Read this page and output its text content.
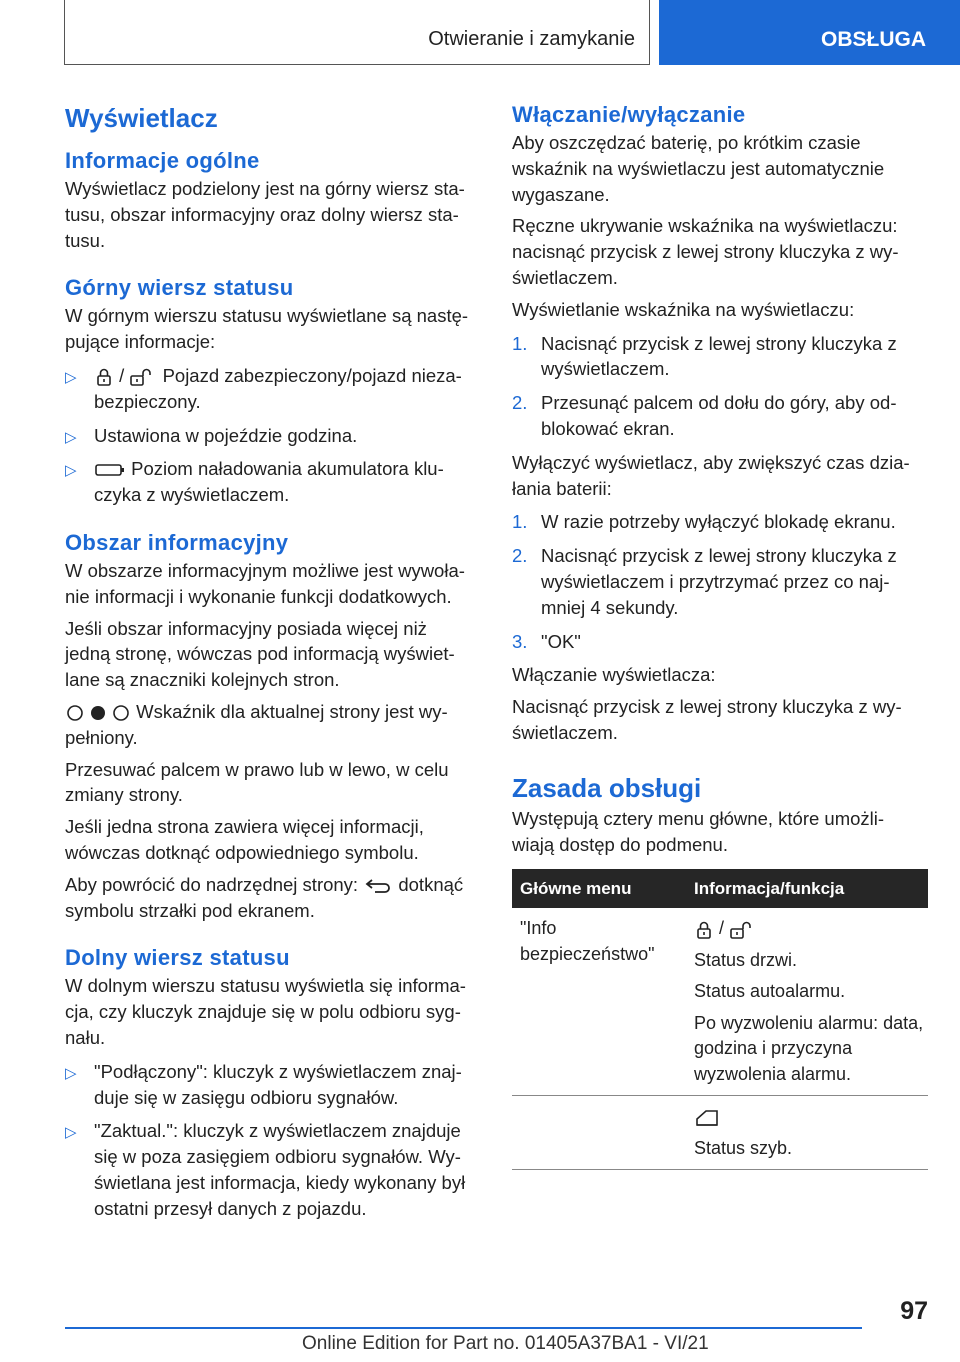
Otwieranie i zamykanie	OBSŁUGA
Wyświetlacz
Informacje ogólne

Wyświetlacz podzielony jest na górny wiersz sta- tusu, obszar informacyjny oraz dolny wiersz sta- tusu.

Górny wiersz statusu

W górnym wierszu statusu wyświetlane są nastę- pujące informacje:

▷ / Pojazd zabezpieczony/pojazd nieza- bezpieczony.
▷ Ustawiona w pojeździe godzina.
▷	Poziom naładowania akumulatora klu- czyka z wyświetlaczem.
Obszar informacyjny

W obszarze informacyjnym możliwe jest wywoła- nie informacji i wykonanie funkcji dodatkowych.

Jeśli obszar informacyjny posiada więcej niż jedną stronę, wówczas pod informacją wyświet- lane są znaczniki kolejnych stron.

Wskaźnik dla aktualnej strony jest wy- pełniony.

Przesuwać palcem w prawo lub w lewo, w celu zmiany strony.

Jeśli jedna strona zawiera więcej informacji, wówczas dotknąć odpowiedniego symbolu.

Aby powrócić do nadrzędnej strony: dotknąć symbolu strzałki pod ekranem.

Dolny wiersz statusu

W dolnym wierszu statusu wyświetla się informa- cja, czy kluczyk znajduje się w polu odbioru syg- nału.

▷ "Podłączony": kluczyk z wyświetlaczem znaj- duje się w zasięgu odbioru sygnałów.
▷ "Zaktual.": kluczyk z wyświetlaczem znajduje się w poza zasięgiem odbioru sygnałów. Wy- świetlana jest informacja, kiedy wykonany był ostatni przesył danych z pojazdu.
Włączanie/wyłączanie

Aby oszczędzać baterię, po krótkim czasie wskaźnik na wyświetlaczu jest automatycznie wygaszane.

Ręczne ukrywanie wskaźnika na wyświetlaczu: nacisnąć przycisk z lewej strony kluczyka z wy- świetlaczem.

Wyświetlanie wskaźnika na wyświetlaczu:

1. Nacisnąć przycisk z lewej strony kluczyka z wyświetlaczem.
2. Przesunąć palcem od dołu do góry, aby od- blokować ekran.

Wyłączyć wyświetlacz, aby zwiększyć czas dzia- łania baterii:

1. W razie potrzeby wyłączyć blokadę ekranu.
2. Nacisnąć przycisk z lewej strony kluczyka z wyświetlaczem i przytrzymać przez co naj- mniej 4 sekundy.
3. "OK"

Włączanie wyświetlacza:

Nacisnąć przycisk z lewej strony kluczyka z wy- świetlaczem.

Zasada obsługi

Występują cztery menu główne, które umożli- wiają dostęp do podmenu.

Główne menu	Informacja/funkcja
"Info bezpieczeństwo"	/

Status drzwi.

Status autoalarmu.

Po wyzwoleniu alarmu: data, godzina i przyczyna wyzwolenia alarmu.

	Status szyb.

97
Online Edition for Part no. 01405A37BA1 - VI/21
